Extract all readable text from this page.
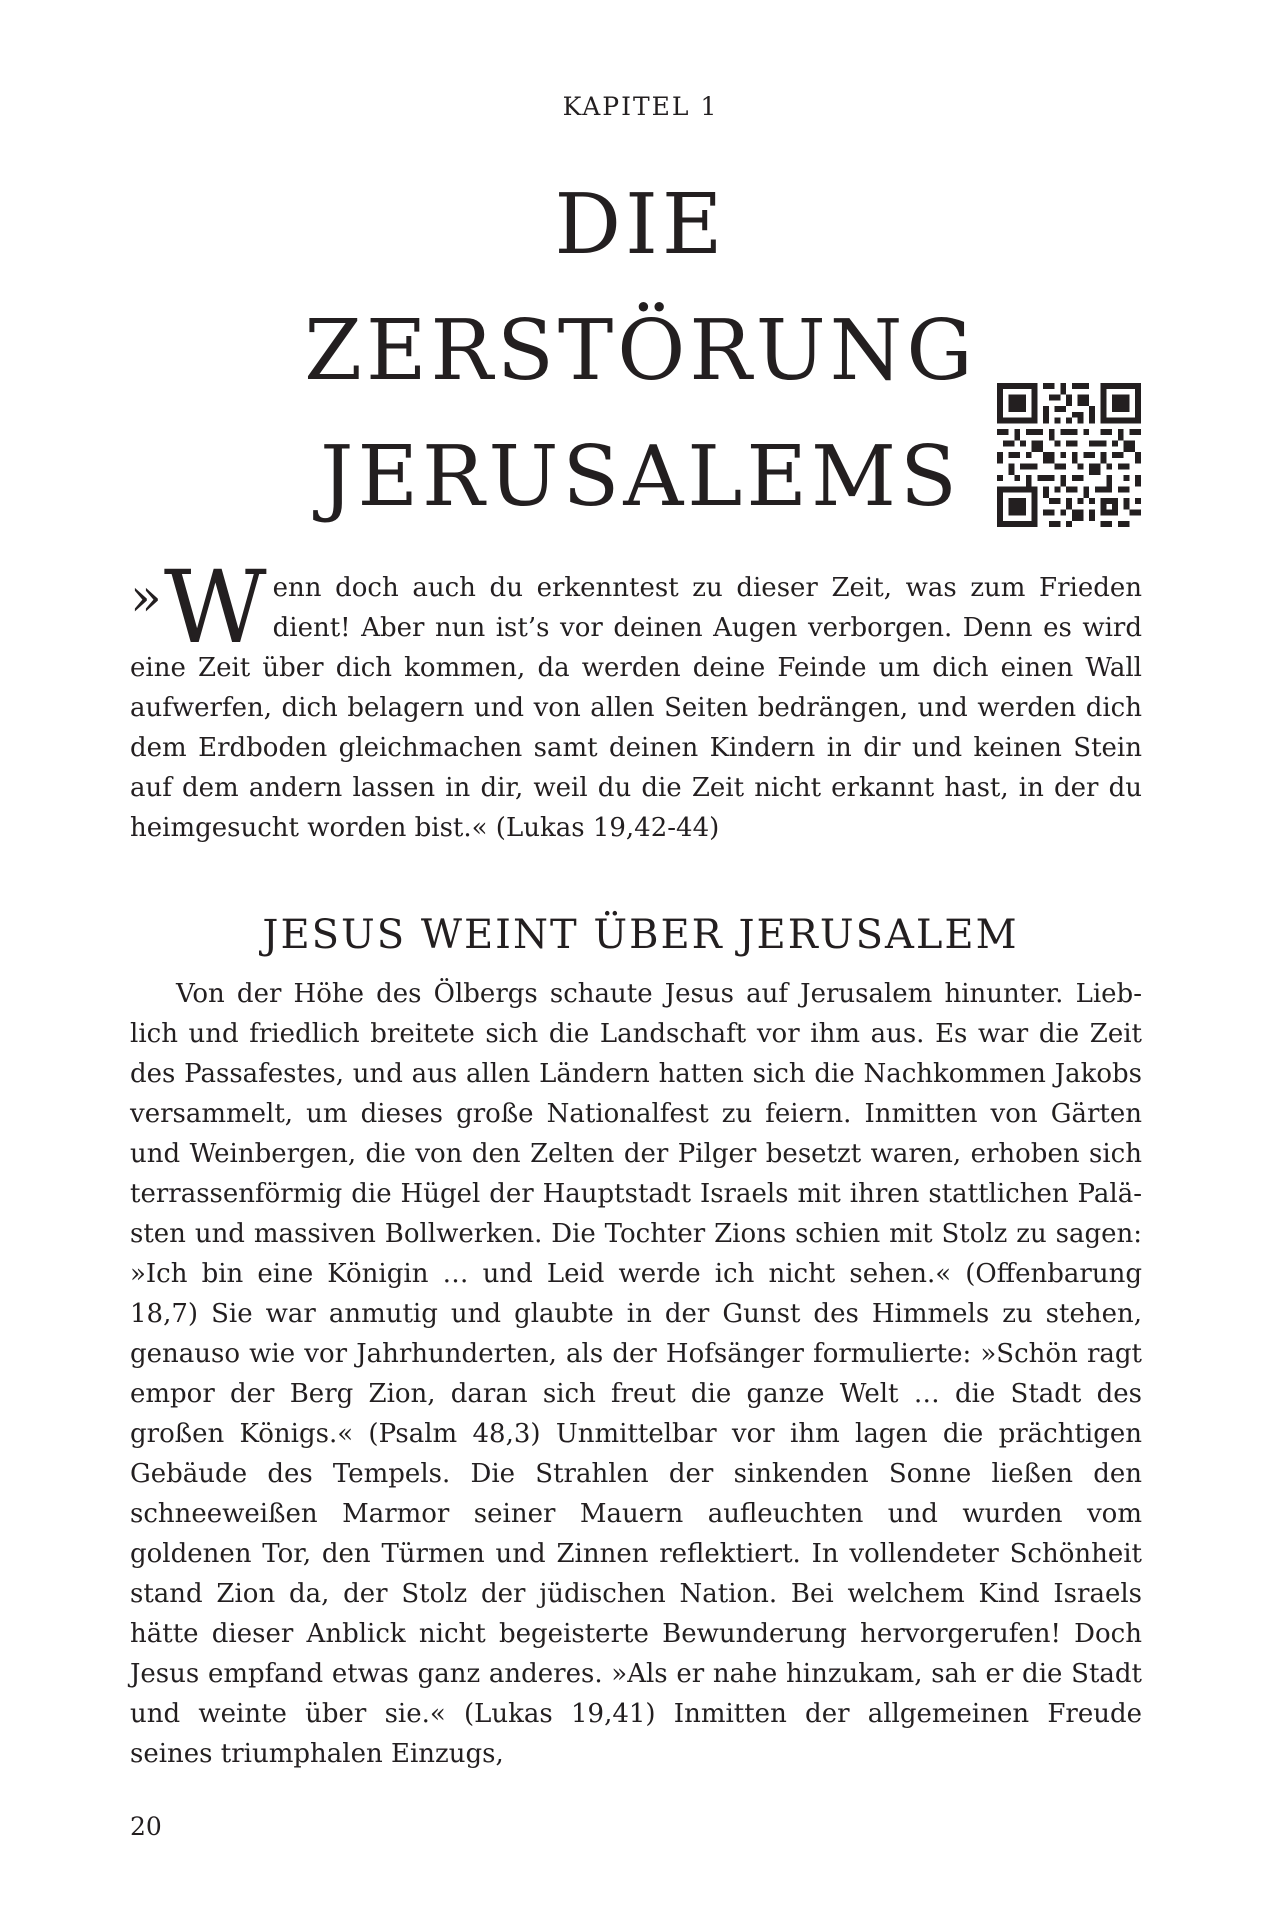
KAPITEL 1
DIE
ZERSTÖRUNG
JERUSALEMS

» W enn doch auch du erkenntest zu dieser Zeit, was zum Frieden dient! Aber nun ist’s vor deinen Augen verborgen. Denn es wird eine Zeit über dich kommen, da werden deine Feinde um dich einen Wall aufwerfen, dich belagern und von allen Seiten bedrängen, und werden dich dem Erdboden gleichmachen samt deinen Kindern in dir und keinen Stein auf dem andern lassen in dir, weil du die Zeit nicht erkannt hast, in der du heimgesucht worden bist.« (Lukas 19,42-44)

JESUS WEINT ÜBER JERUSALEM

Von der Höhe des Ölbergs schaute Jesus auf Jerusalem hinunter. Lieblich und friedlich breitete sich die Landschaft vor ihm aus. Es war die Zeit des Passafestes, und aus allen Ländern hatten sich die Nachkommen Jakobs versammelt, um dieses große Nationalfest zu feiern. Inmitten von Gärten und Weinbergen, die von den Zelten der Pilger besetzt waren, erhoben sich terrassenförmig die Hügel der Hauptstadt Israels mit ihren stattlichen Palästen und massiven Bollwerken. Die Tochter Zions schien mit Stolz zu sagen: »Ich bin eine Königin … und Leid werde ich nicht sehen.« (Offenbarung 18,7) Sie war anmutig und glaubte in der Gunst des Himmels zu stehen, genauso wie vor Jahrhunderten, als der Hofsänger formulierte: »Schön ragt empor der Berg Zion, daran sich freut die ganze Welt … die Stadt des großen Königs.« (Psalm 48,3) Unmittelbar vor ihm lagen die prächtigen Gebäude des Tempels. Die Strahlen der sinkenden Sonne ließen den schneeweißen Marmor seiner Mauern aufleuchten und wurden vom goldenen Tor, den Türmen und Zinnen reflektiert. In vollendeter Schönheit stand Zion da, der Stolz der jüdischen Nation. Bei welchem Kind Israels hätte dieser Anblick nicht begeisterte Bewunderung hervorgerufen! Doch Jesus empfand etwas ganz anderes. »Als er nahe hinzukam, sah er die Stadt und weinte über sie.« (Lukas 19,41) Inmitten der allgemeinen Freude seines triumphalen Einzugs,

20
